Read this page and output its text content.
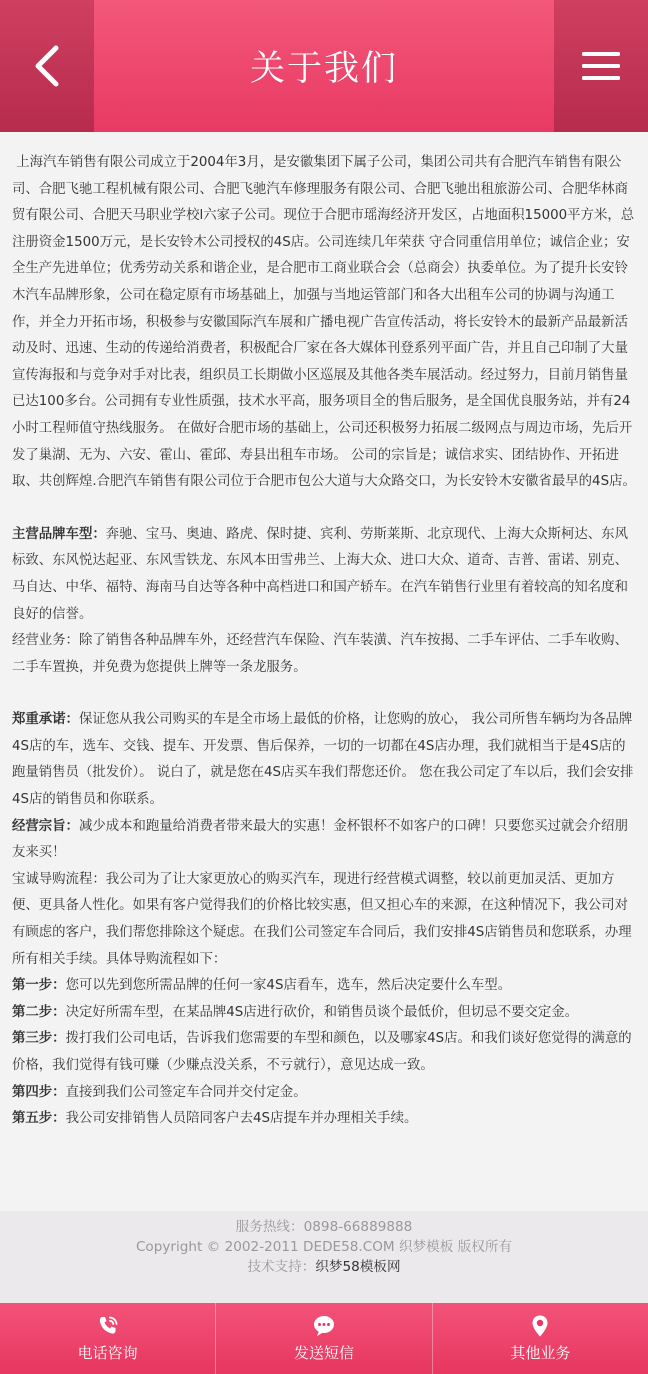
关于我们

上海汽车销售有限公司成立于2004年3月，是安徽集团下属子公司，集团公司共有合肥汽车销售有限公司、合肥飞驰工程机械有限公司、合肥飞驰汽车修理服务有限公司、合肥飞驰出租旅游公司、合肥华林商贸有限公司、合肥天马职业学校l六家子公司。现位于合肥市瑶海经济开发区，占地面积15000平方米，总注册资金1500万元，是长安铃木公司授权的4S店。公司连续几年荣获 守合同重信用单位；诚信企业；安全生产先进单位；优秀劳动关系和谐企业，是合肥市工商业联合会（总商会）执委单位。为了提升长安铃木汽车品牌形象，公司在稳定原有市场基础上，加强与当地运管部门和各大出租车公司的协调与沟通工作，并全力开拓市场，积极参与安徽国际汽车展和广播电视广告宣传活动，将长安铃木的最新产品最新活动及时、迅速、生动的传递给消费者，积极配合厂家在各大媒体刊登系列平面广告，并且自己印制了大量宣传海报和与竞争对手对比表，组织员工长期做小区巡展及其他各类车展活动。经过努力，目前月销售量已达100多台。公司拥有专业性质强，技术水平高，服务项目全的售后服务，是全国优良服务站，并有24小时工程师值守热线服务。 在做好合肥市场的基础上，公司还积极努力拓展二级网点与周边市场，先后开发了巢湖、无为、六安、霍山、霍邱、寿县出租车市场。 公司的宗旨是；诚信求实、团结协作、开拓进取、共创辉煌.合肥汽车销售有限公司位于合肥市包公大道与大众路交口，为长安铃木安徽省最早的4S店。

主营品牌车型：奔驰、宝马、奥迪、路虎、保时捷、宾利、劳斯莱斯、北京现代、上海大众斯柯达、东风标致、东风悦达起亚、东风雪铁龙、东风本田雪弗兰、上海大众、进口大众、道奇、吉普、雷诺、别克、马自达、中华、福特、海南马自达等各种中高档进口和国产轿车。在汽车销售行业里有着较高的知名度和良好的信誉。

经营业务：除了销售各种品牌车外，还经营汽车保险、汽车装潢、汽车按揭、二手车评估、二手车收购、二手车置换，并免费为您提供上牌等一条龙服务。

郑重承诺：保证您从我公司购买的车是全市场上最低的价格，让您购的放心， 我公司所售车辆均为各品牌4S店的车，选车、交钱、提车、开发票、售后保养，一切的一切都在4S店办理，我们就相当于是4S店的跑量销售员（批发价）。 说白了，就是您在4S店买车我们帮您还价。 您在我公司定了车以后，我们会安排4S店的销售员和你联系。

经营宗旨：减少成本和跑量给消费者带来最大的实惠！金杯银杯不如客户的口碑！只要您买过就会介绍朋友来买！

宝诚导购流程：我公司为了让大家更放心的购买汽车，现进行经营模式调整，较以前更加灵活、更加方便、更具备人性化。如果有客户觉得我们的价格比较实惠，但又担心车的来源，在这种情况下，我公司对有顾虑的客户，我们帮您排除这个疑虑。在我们公司签定车合同后，我们安排4S店销售员和您联系，办理所有相关手续。具体导购流程如下：

第一步：您可以先到您所需品牌的任何一家4S店看车，选车，然后决定要什么车型。

第二步：决定好所需车型，在某品牌4S店进行砍价，和销售员谈个最低价，但切忌不要交定金。

第三步：拨打我们公司电话，告诉我们您需要的车型和颜色，以及哪家4S店。和我们谈好您觉得的满意的价格，我们觉得有钱可赚（少赚点没关系，不亏就行），意见达成一致。

第四步：直接到我们公司签定车合同并交付定金。

第五步：我公司安排销售人员陪同客户去4S店提车并办理相关手续。

服务热线：0898-66889888
Copyright © 2002-2011 DEDE58.COM 织梦模板 版权所有
技术支持：织梦58模板网
电话咨询	发送短信	其他业务
